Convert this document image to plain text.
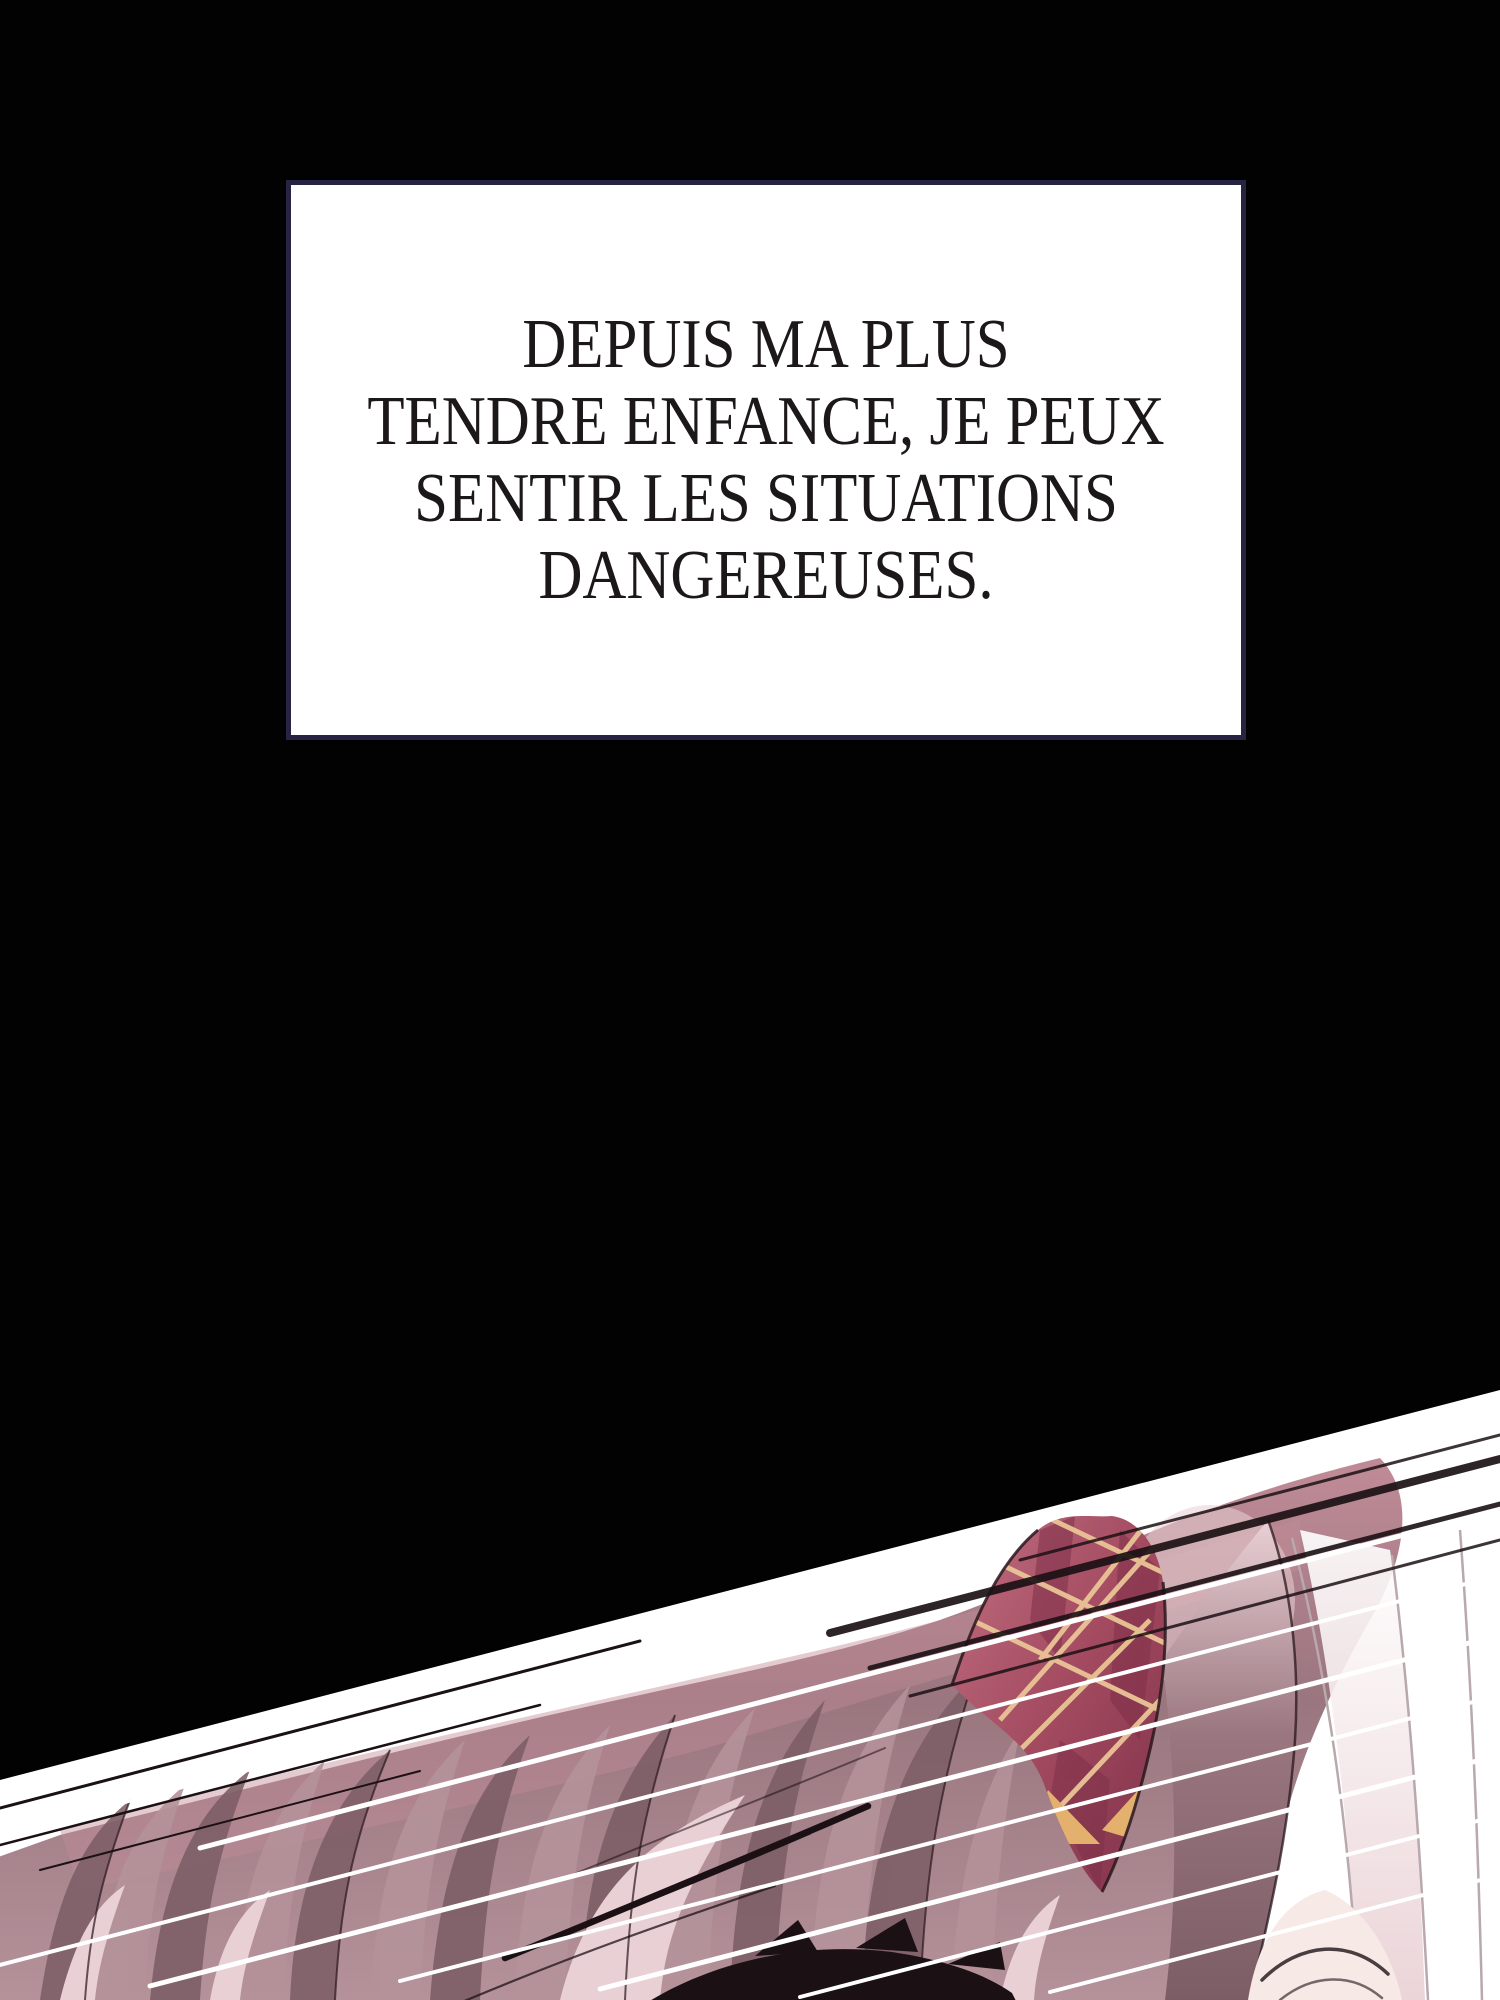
DEPUIS MA PLUS
TENDRE ENFANCE, JE PEUX
SENTIR LES SITUATIONS
DANGEREUSES.
